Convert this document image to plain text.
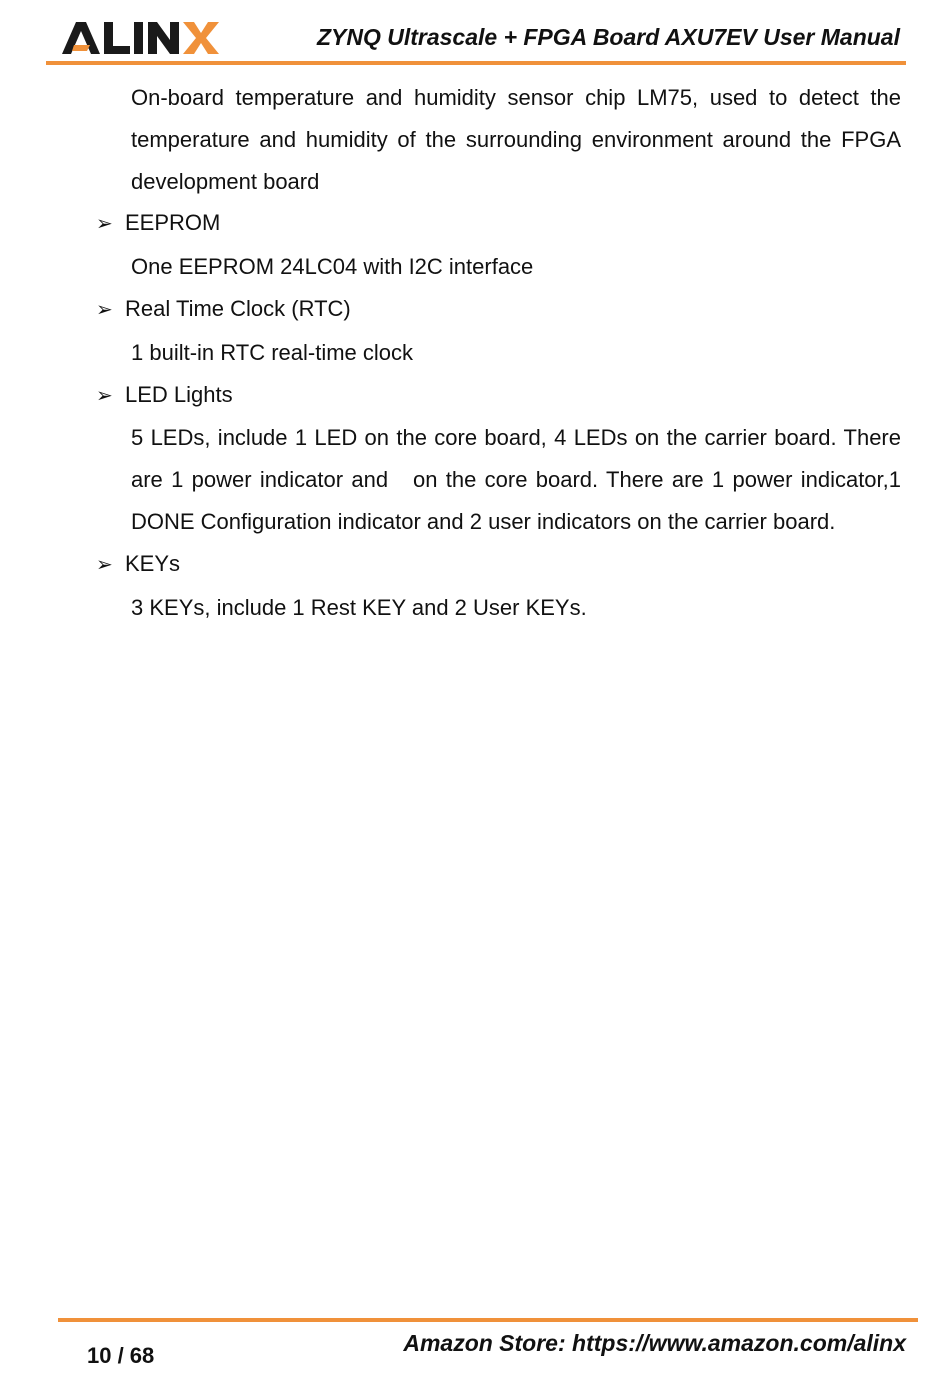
ZYNQ Ultrascale + FPGA Board AXU7EV User Manual

On-board temperature and humidity sensor chip LM75, used to detect the temperature and humidity of the surrounding environment around the FPGA development board

➢ EEPROM

One EEPROM 24LC04 with I2C interface

➢ Real Time Clock (RTC)

1 built-in RTC real-time clock

➢ LED Lights

5 LEDs, include 1 LED on the core board, 4 LEDs on the carrier board. There are 1 power indicator and   on the core board. There are 1 power indicator,1 DONE Configuration indicator and 2 user indicators on the carrier board.

➢ KEYs

3 KEYs, include 1 Rest KEY and 2 User KEYs.

Amazon Store: https://www.amazon.com/alinx
10 / 68
